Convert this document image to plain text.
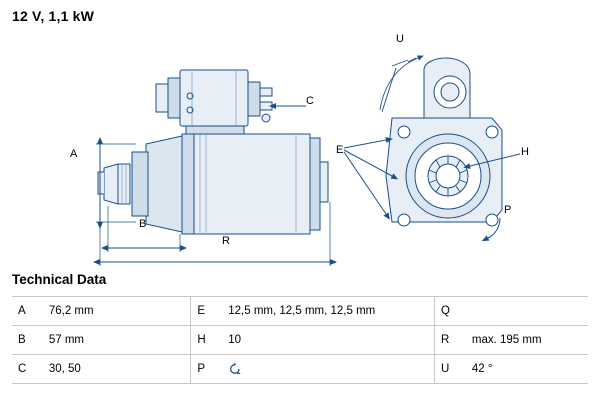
12 V, 1,1 kW
A
B
C
E	H
P
R
U
Technical Data
A	76,2 mm	E	12,5 mm, 12,5 mm, 12,5 mm	Q	
B	57 mm	H	10	R	max. 195 mm
C	30, 50	P		U	42 °
